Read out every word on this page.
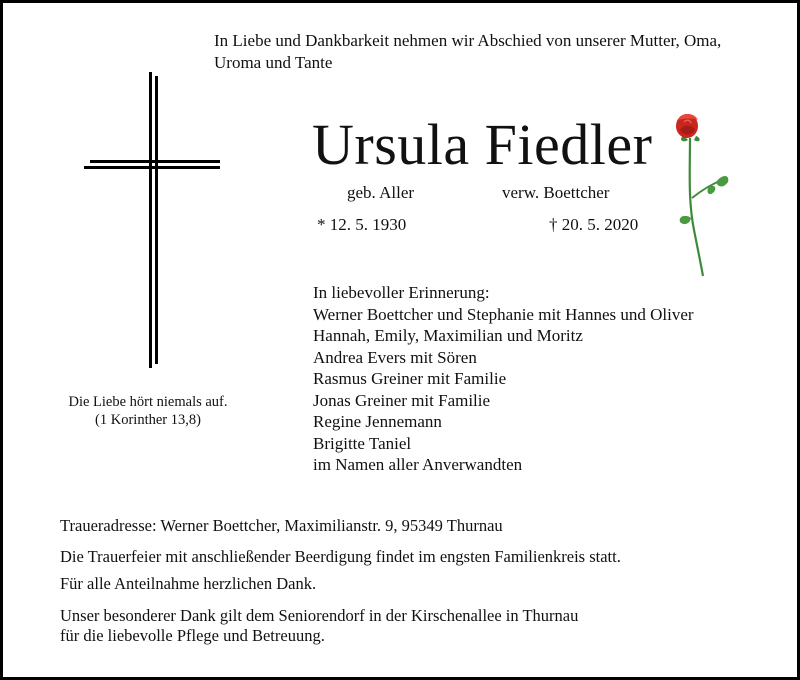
In Liebe und Dankbarkeit nehmen wir Abschied von unserer Mutter, Oma,
Uroma und Tante
Ursula Fiedler
geb. Aller	verw. Boettcher
* 12. 5. 1930	† 20. 5. 2020
In liebevoller Erinnerung:
Werner Boettcher und Stephanie mit Hannes und Oliver
Hannah, Emily, Maximilian und Moritz
Andrea Evers mit Sören
Rasmus Greiner mit Familie
Jonas Greiner mit Familie
Regine Jennemann
Brigitte Taniel
im Namen aller Anverwandten
Die Liebe hört niemals auf.
(1 Korinther 13,8)
Traueradresse: Werner Boettcher, Maximilianstr. 9, 95349 Thurnau
Die Trauerfeier mit anschließender Beerdigung findet im engsten Familienkreis statt.
Für alle Anteilnahme herzlichen Dank.
Unser besonderer Dank gilt dem Seniorendorf in der Kirschenallee in Thurnau
für die liebevolle Pflege und Betreuung.
